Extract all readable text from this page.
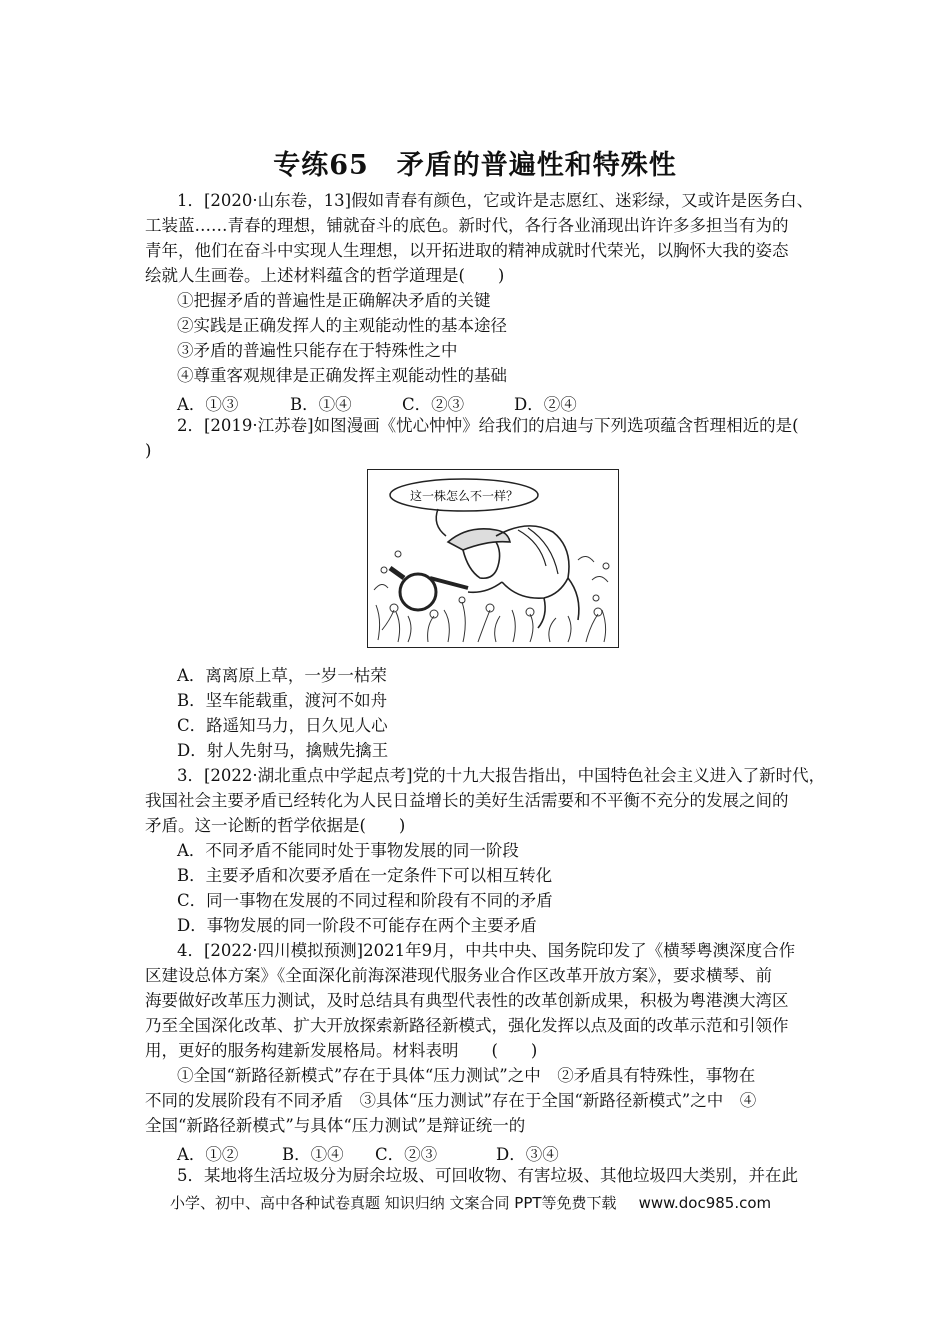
专练65　矛盾的普遍性和特殊性
1．[2020·山东卷，13]假如青春有颜色，它或许是志愿红、迷彩绿，又或许是医务白、
工装蓝……青春的理想，铺就奋斗的底色。新时代，各行各业涌现出许许多多担当有为的
青年，他们在奋斗中实现人生理想，以开拓进取的精神成就时代荣光，以胸怀大我的姿态
绘就人生画卷。上述材料蕴含的哲学道理是(　　)
①把握矛盾的普遍性是正确解决矛盾的关键
②实践是正确发挥人的主观能动性的基本途径
③矛盾的普遍性只能存在于特殊性之中
④尊重客观规律是正确发挥主观能动性的基础
A．①③	B．①④	C．②③	D．②④
2．[2019·江苏卷]如图漫画《忧心忡忡》给我们的启迪与下列选项蕴含哲理相近的是(
)
这一株怎么不一样？
A．离离原上草，一岁一枯荣
B．坚车能载重，渡河不如舟
C．路遥知马力，日久见人心
D．射人先射马，擒贼先擒王
3．[2022·湖北重点中学起点考]党的十九大报告指出，中国特色社会主义进入了新时代，
我国社会主要矛盾已经转化为人民日益增长的美好生活需要和不平衡不充分的发展之间的
矛盾。这一论断的哲学依据是(　　)
A．不同矛盾不能同时处于事物发展的同一阶段
B．主要矛盾和次要矛盾在一定条件下可以相互转化
C．同一事物在发展的不同过程和阶段有不同的矛盾
D．事物发展的同一阶段不可能存在两个主要矛盾
4．[2022·四川模拟预测]2021年9月，中共中央、国务院印发了《横琴粤澳深度合作
区建设总体方案》《全面深化前海深港现代服务业合作区改革开放方案》，要求横琴、前
海要做好改革压力测试，及时总结具有典型代表性的改革创新成果，积极为粤港澳大湾区
乃至全国深化改革、扩大开放探索新路径新模式，强化发挥以点及面的改革示范和引领作
用，更好的服务构建新发展格局。材料表明　　(　　)
①全国“新路径新模式”存在于具体“压力测试”之中　②矛盾具有特殊性，事物在
不同的发展阶段有不同矛盾　③具体“压力测试”存在于全国“新路径新模式”之中　④
全国“新路径新模式”与具体“压力测试”是辩证统一的
A．①②	B．①④ C．②③	D．③④
5．某地将生活垃圾分为厨余垃圾、可回收物、有害垃圾、其他垃圾四大类别，并在此
小学、初中、高中各种试卷真题 知识归纳 文案合同 PPT等免费下载 www.doc985.com
